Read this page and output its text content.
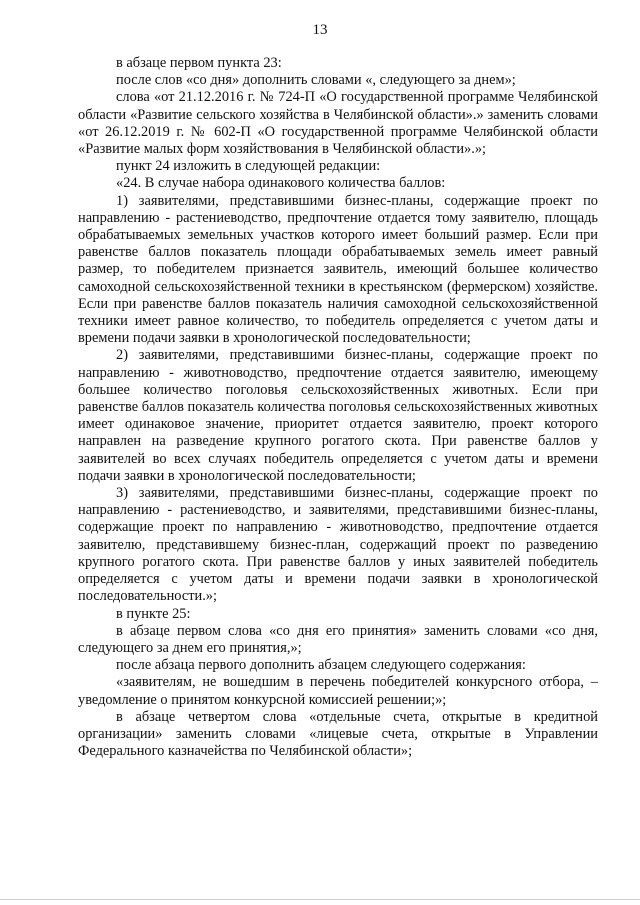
13

в абзаце первом пункта 23:

после слов «со дня» дополнить словами «, следующего за днем»;

слова «от 21.12.2016 г. № 724-П «О государственной программе Челябинской области «Развитие сельского хозяйства в Челябинской области».» заменить словами «от 26.12.2019 г. № 602-П «О государственной программе Челябинской области «Развитие малых форм хозяйствования в Челябинской области».»;

пункт 24 изложить в следующей редакции:

«24. В случае набора одинакового количества баллов:

1) заявителями, представившими бизнес-планы, содержащие проект по направлению - растениеводство, предпочтение отдается тому заявителю, площадь обрабатываемых земельных участков которого имеет больший размер. Если при равенстве баллов показатель площади обрабатываемых земель имеет равный размер, то победителем признается заявитель, имеющий большее количество самоходной сельскохозяйственной техники в крестьянском (фермерском) хозяйстве. Если при равенстве баллов показатель наличия самоходной сельскохозяйственной техники имеет равное количество, то победитель определяется с учетом даты и времени подачи заявки в хронологической последовательности;

2) заявителями, представившими бизнес-планы, содержащие проект по направлению - животноводство, предпочтение отдается заявителю, имеющему большее количество поголовья сельскохозяйственных животных. Если при равенстве баллов показатель количества поголовья сельскохозяйственных животных имеет одинаковое значение, приоритет отдается заявителю, проект которого направлен на разведение крупного рогатого скота. При равенстве баллов у заявителей во всех случаях победитель определяется с учетом даты и времени подачи заявки в хронологической последовательности;

3) заявителями, представившими бизнес-планы, содержащие проект по направлению - растениеводство, и заявителями, представившими бизнес-планы, содержащие проект по направлению - животноводство, предпочтение отдается заявителю, представившему бизнес-план, содержащий проект по разведению крупного рогатого скота. При равенстве баллов у иных заявителей победитель определяется с учетом даты и времени подачи заявки в хронологической последовательности.»;

в пункте 25:

в абзаце первом слова «со дня его принятия» заменить словами «со дня, следующего за днем его принятия,»;

после абзаца первого дополнить абзацем следующего содержания:

«заявителям, не вошедшим в перечень победителей конкурсного отбора, – уведомление о принятом конкурсной комиссией решении;»;

в абзаце четвертом слова «отдельные счета, открытые в кредитной организации» заменить словами «лицевые счета, открытые в Управлении Федерального казначейства по Челябинской области»;
